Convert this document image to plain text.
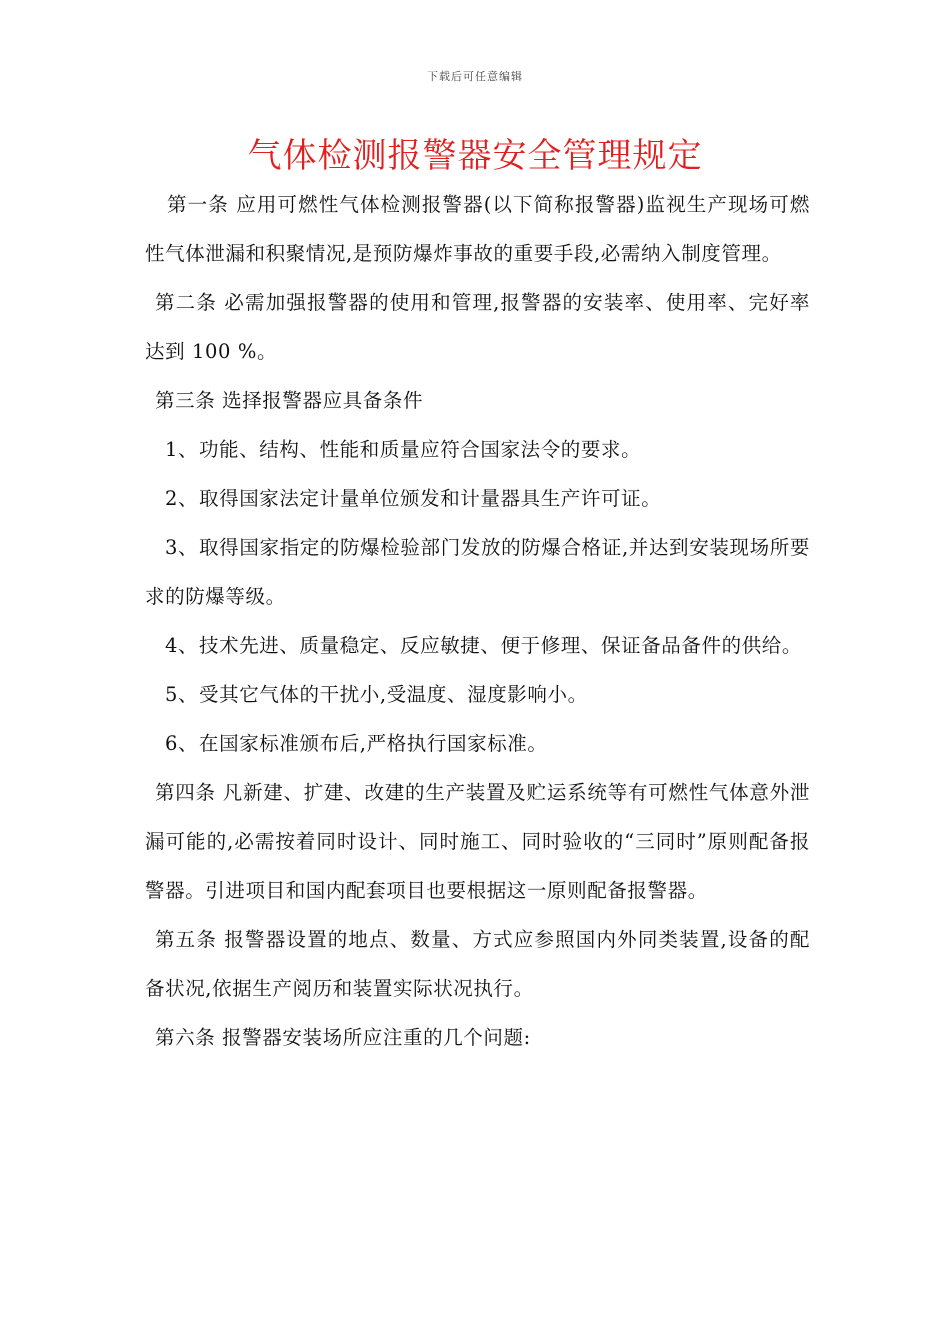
下载后可任意编辑
气体检测报警器安全管理规定

第一条 应用可燃性气体检测报警器(以下简称报警器)监视生产现场可燃性气体泄漏和积聚情况,是预防爆炸事故的重要手段,必需纳入制度管理。

第二条 必需加强报警器的使用和管理,报警器的安装率、使用率、完好率达到 100 %。

第三条 选择报警器应具备条件

1、功能、结构、性能和质量应符合国家法令的要求。

2、取得国家法定计量单位颁发和计量器具生产许可证。

3、取得国家指定的防爆检验部门发放的防爆合格证,并达到安装现场所要求的防爆等级。

4、技术先进、质量稳定、反应敏捷、便于修理、保证备品备件的供给。

5、受其它气体的干扰小,受温度、湿度影响小。

6、在国家标准颁布后,严格执行国家标准。

第四条 凡新建、扩建、改建的生产装置及贮运系统等有可燃性气体意外泄漏可能的,必需按着同时设计、同时施工、同时验收的“三同时”原则配备报警器。引进项目和国内配套项目也要根据这一原则配备报警器。

第五条 报警器设置的地点、数量、方式应参照国内外同类装置,设备的配备状况,依据生产阅历和装置实际状况执行。

第六条 报警器安装场所应注重的几个问题:
